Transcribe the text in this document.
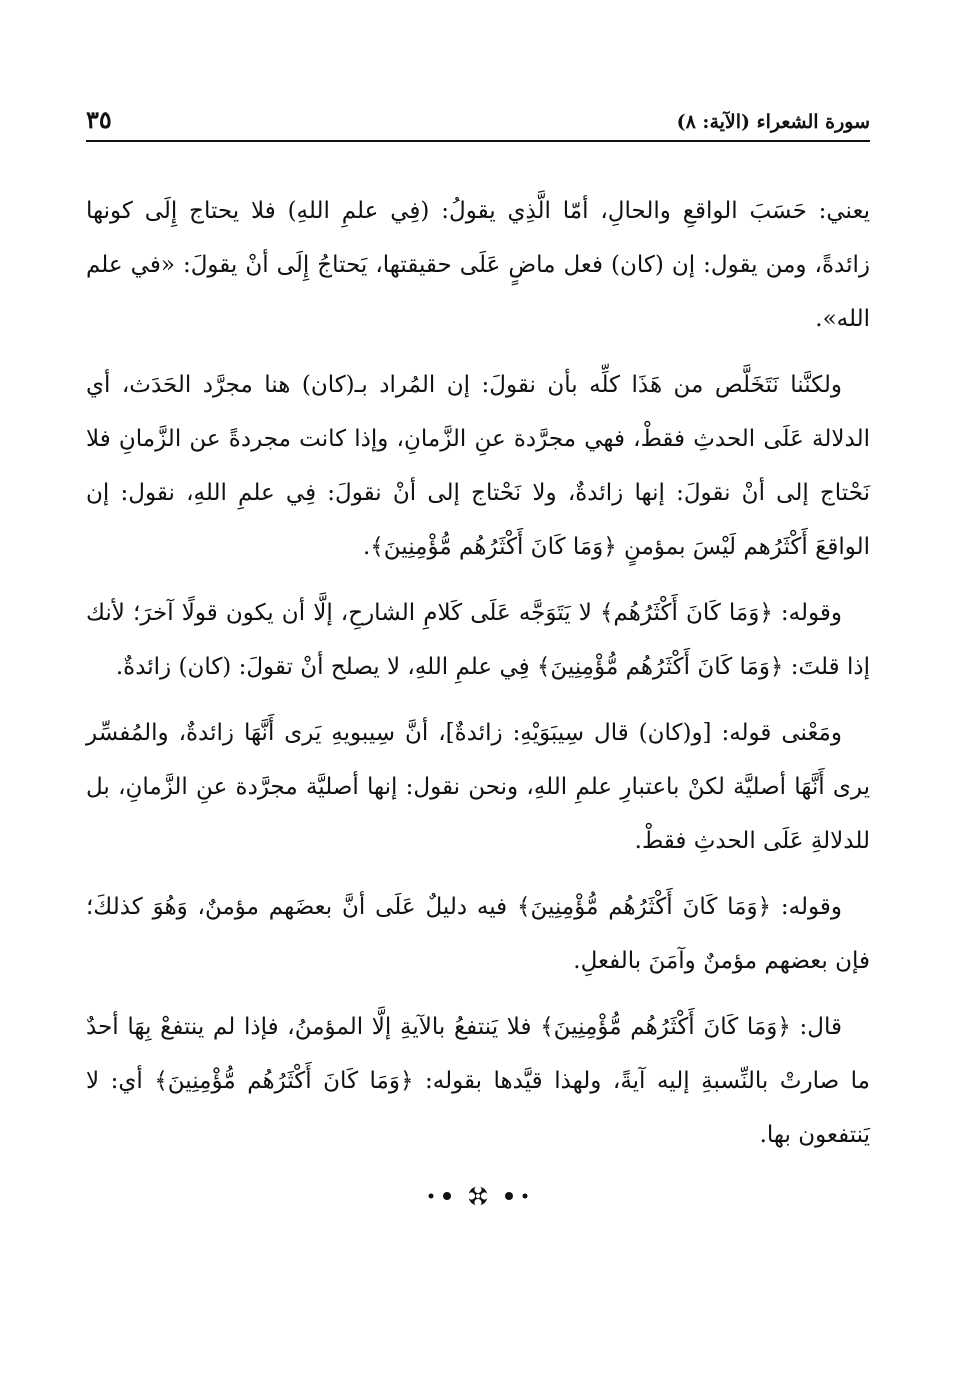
سورة الشعراء (الآية: ٨)
٣٥

يعني: حَسَبَ الواقعِ والحالِ، أمّا الَّذِي يقولُ: (فِي علمِ اللهِ) فلا يحتاج إِلَى كونها زائدةً، ومن يقول: إن (كان) فعل ماضٍ عَلَى حقيقتها، يَحتاجُ إِلَى أنْ يقولَ: «في علم الله».

ولكنَّنا نَتَخَلَّص من هَذَا كلِّه بأن نقولَ: إن المُراد بـ(كان) هنا مجرَّد الحَدَث، أي الدلالة عَلَى الحدثِ فقطْ، فهي مجرَّدة عنِ الزَّمانِ، وإذا كانت مجردةً عن الزَّمانِ فلا نَحْتاج إلى أنْ نقولَ: إنها زائدةٌ، ولا نَحْتاج إلى أنْ نقولَ: فِي علمِ اللهِ، نقول: إن الواقعَ أَكْثَرُهم لَيْسَ بمؤمنٍ ﴿وَمَا كَانَ أَكْثَرُهُم مُّؤْمِنِينَ﴾.

وقوله: ﴿وَمَا كَانَ أَكْثَرُهُم﴾ لا يَتَوَجَّه عَلَى كَلامِ الشارحِ، إلَّا أن يكون قولًا آخرَ؛ لأنك إذا قلتَ: ﴿وَمَا كَانَ أَكْثَرُهُم مُّؤْمِنِينَ﴾ فِي علمِ اللهِ، لا يصلح أنْ تقولَ: (كان) زائدةٌ.

ومَعْنى قوله: [و(كان) قال سِيبَوَيْهِ: زائدةٌ]، أنَّ سِيبويهِ يَرى أَنَّهَا زائدةٌ، والمُفسِّر يرى أَنَّهَا أصليَّة لكنْ باعتبارِ علمِ اللهِ، ونحن نقول: إنها أصليَّة مجرَّدة عنِ الزَّمانِ، بل للدلالةِ عَلَى الحدثِ فقطْ.

وقوله: ﴿وَمَا كَانَ أَكْثَرُهُم مُّؤْمِنِينَ﴾ فيه دليلٌ عَلَى أنَّ بعضَهم مؤمنٌ، وَهُوَ كذلكَ؛ فإن بعضهم مؤمنٌ وآمَنَ بالفعلِ.

قال: ﴿وَمَا كَانَ أَكْثَرُهُم مُّؤْمِنِينَ﴾ فلا يَنتفعُ بالآيةِ إلَّا المؤمنُ، فإذا لم ينتفعْ بِهَا أحدٌ ما صارتْ بالنِّسبةِ إليه آيةً، ولهذا قيَّدها بقوله: ﴿وَمَا كَانَ أَكْثَرُهُم مُّؤْمِنِينَ﴾ أي: لا يَنتفعون بها.
